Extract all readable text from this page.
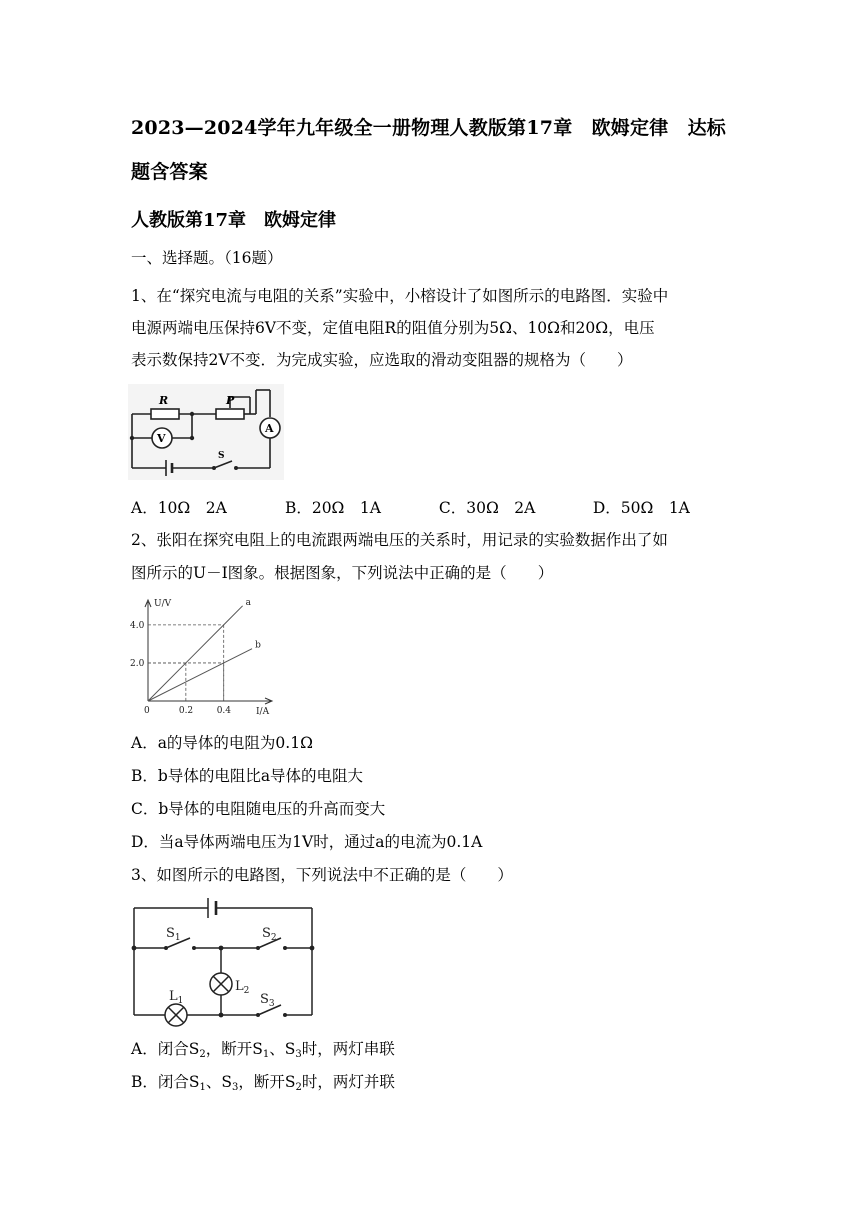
2023—2024学年九年级全一册物理人教版第17章　欧姆定律　达标
题含答案
人教版第17章　欧姆定律
一、选择题。（16题）
1、在“探究电流与电阻的关系”实验中，小榕设计了如图所示的电路图．实验中
电源两端电压保持6V不变，定值电阻R的阻值分别为5Ω、10Ω和20Ω，电压
表示数保持2V不变．为完成实验，应选取的滑动变阻器的规格为（　　）
R	P
V
A
S
A．10Ω　2A	B．20Ω　1A	C．30Ω　2A	D．50Ω　1A
2、张阳在探究电阻上的电流跟两端电压的关系时，用记录的实验数据作出了如
图所示的U－I图象。根据图象，下列说法中正确的是（　　）
a
b
0	0.2	0.4
2.0
4.0
U/V
I/A
A．a的导体的电阻为0.1Ω
B．b导体的电阻比a导体的电阻大
C．b导体的电阻随电压的升高而变大
D．当a导体两端电压为1V时，通过a的电流为0.1A
3、如图所示的电路图，下列说法中不正确的是（　　）
$S_1$	$S_2$
$L_2$
$L_1$	$S_3$
A．闭合$S_2$，断开$S_1$、$S_3$时，两灯串联
B．闭合$S_1$、$S_3$，断开$S_2$时，两灯并联
